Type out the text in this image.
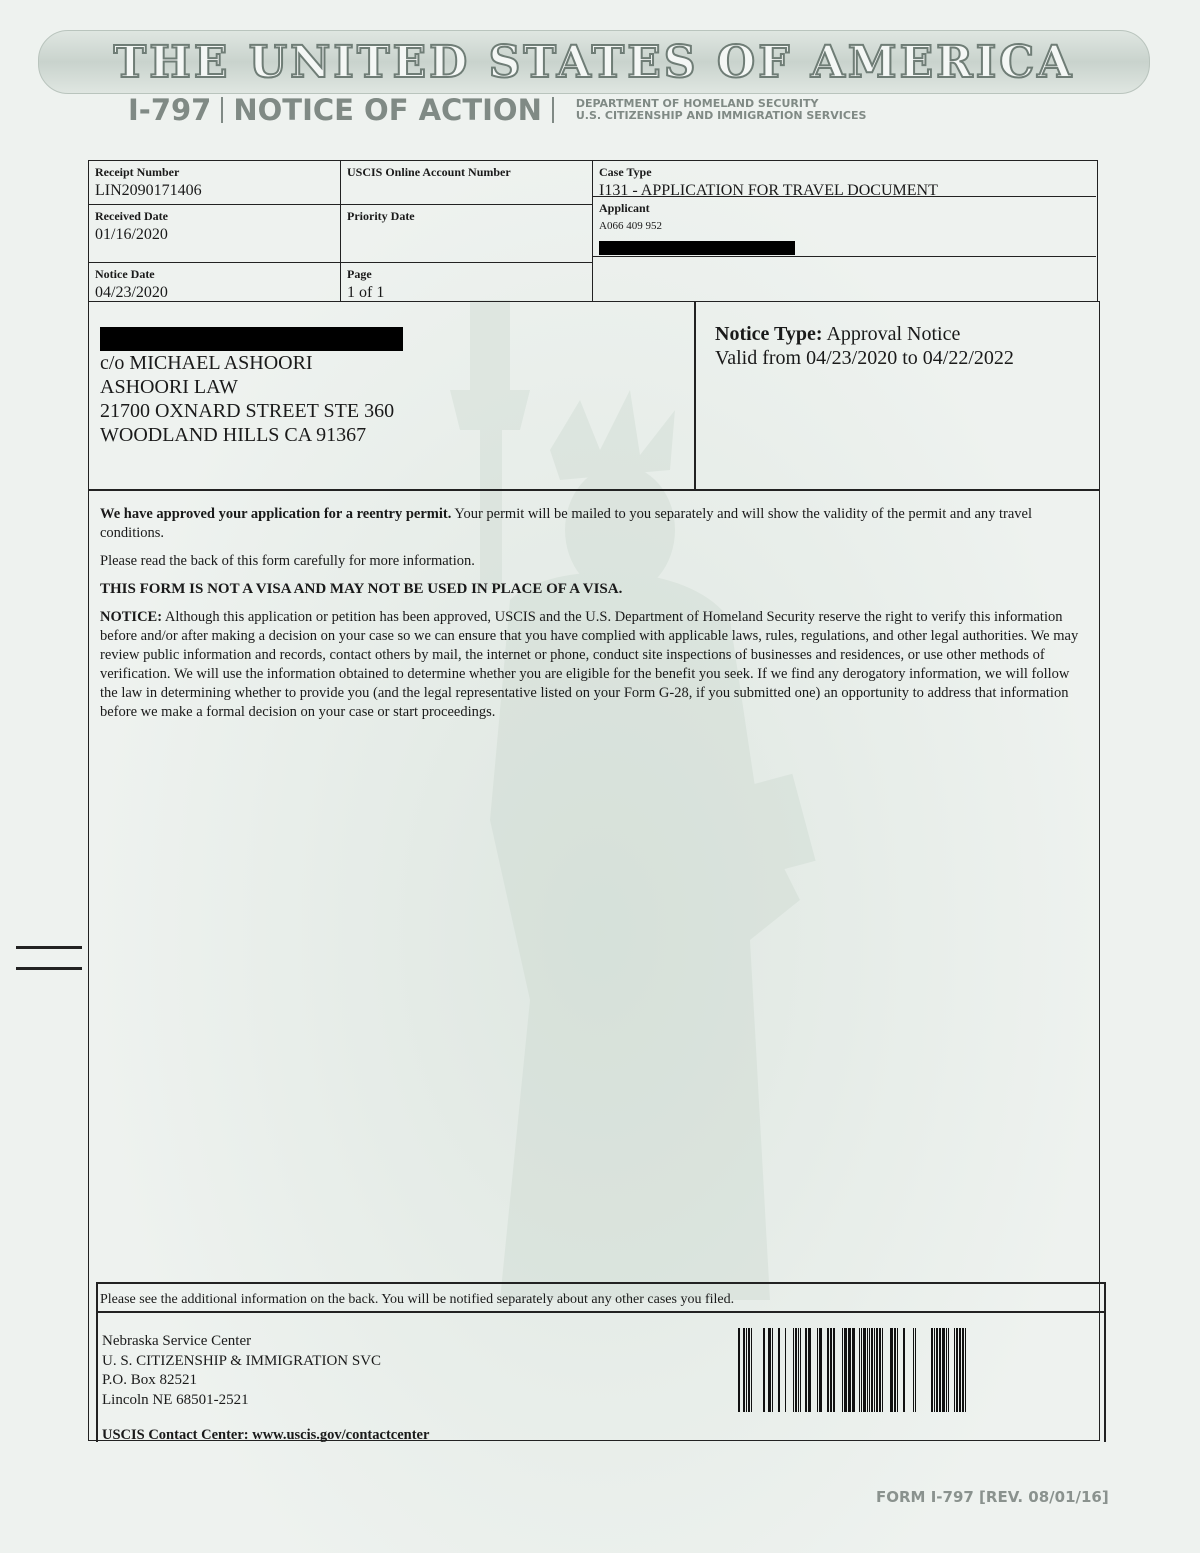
THE UNITED STATES OF AMERICA
I-797 NOTICE OF ACTION	DEPARTMENT OF HOMELAND SECURITY
U.S. CITIZENSHIP AND IMMIGRATION SERVICES
Receipt Number
LIN2090171406
USCIS Online Account Number	Case Type
I131 - APPLICATION FOR TRAVEL DOCUMENT
Received Date
01/16/2020
Priority Date
Applicant
A066 409 952
Notice Date
04/23/2020
Page
1 of 1
c/o MICHAEL ASHOORI
ASHOORI LAW
21700 OXNARD STREET STE 360
WOODLAND HILLS CA 91367
Notice Type: Approval Notice
Valid from 04/23/2020 to 04/22/2022

We have approved your application for a reentry permit. Your permit will be mailed to you separately and will show the validity of the permit and any travel conditions.

Please read the back of this form carefully for more information.

THIS FORM IS NOT A VISA AND MAY NOT BE USED IN PLACE OF A VISA.

NOTICE: Although this application or petition has been approved, USCIS and the U.S. Department of Homeland Security reserve the right to verify this information before and/or after making a decision on your case so we can ensure that you have complied with applicable laws, rules, regulations, and other legal authorities. We may review public information and records, contact others by mail, the internet or phone, conduct site inspections of businesses and residences, or use other methods of verification. We will use the information obtained to determine whether you are eligible for the benefit you seek. If we find any derogatory information, we will follow the law in determining whether to provide you (and the legal representative listed on your Form G-28, if you submitted one) an opportunity to address that information before we make a formal decision on your case or start proceedings.

Please see the additional information on the back. You will be notified separately about any other cases you filed.
Nebraska Service Center
U. S. CITIZENSHIP & IMMIGRATION SVC
P.O. Box 82521
Lincoln NE 68501-2521
USCIS Contact Center: www.uscis.gov/contactcenter
FORM I-797 [REV. 08/01/16]
